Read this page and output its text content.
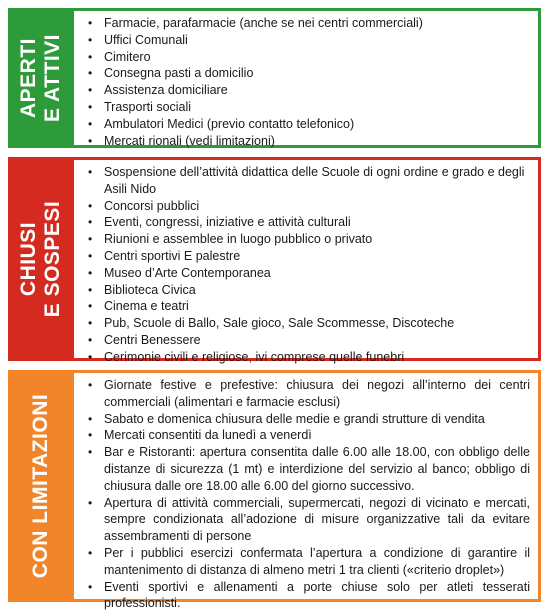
APERTI E ATTIVI
• Farmacie, parafarmacie (anche se nei centri commerciali)
• Uffici Comunali
• Cimitero
• Consegna pasti a domicilio
• Assistenza domiciliare
• Trasporti sociali
• Ambulatori Medici (previo contatto telefonico)
• Mercati rionali (vedi limitazioni)
CHIUSI E SOSPESI
• Sospensione dell’attività didattica delle Scuole di ogni ordine e grado e degli Asili Nido
• Concorsi pubblici
• Eventi, congressi, iniziative e attività culturali
• Riunioni e assemblee in luogo pubblico o privato
• Centri sportivi E palestre
• Museo d’Arte Contemporanea
• Biblioteca Civica
• Cinema e teatri
• Pub, Scuole di Ballo, Sale gioco, Sale Scommesse, Discoteche
• Centri Benessere
• Cerimonie civili e religiose, ivi comprese quelle funebri
CON LIMITAZIONI
• Giornate festive e prefestive: chiusura dei negozi all’interno dei centri commerciali (alimentari e farmacie esclusi)
• Sabato e domenica chiusura delle medie e grandi strutture di vendita
• Mercati consentiti da lunedì a venerdì
• Bar e Ristoranti: apertura consentita dalle 6.00 alle 18.00, con obbligo delle distanze di sicurezza (1 mt) e interdizione del servizio al banco; obbligo di chiusura dalle ore 18.00 alle 6.00 del giorno successivo.
• Apertura di attività commerciali, supermercati, negozi di vicinato e mercati, sempre condizionata all’adozione di misure organizzative tali da evitare assembramenti di persone
• Per i pubblici esercizi confermata l’apertura a condizione di garantire il mantenimento di distanza di almeno metri 1 tra clienti («criterio droplet»)
• Eventi sportivi e allenamenti a porte chiuse solo per atleti tesserati professionisti.
